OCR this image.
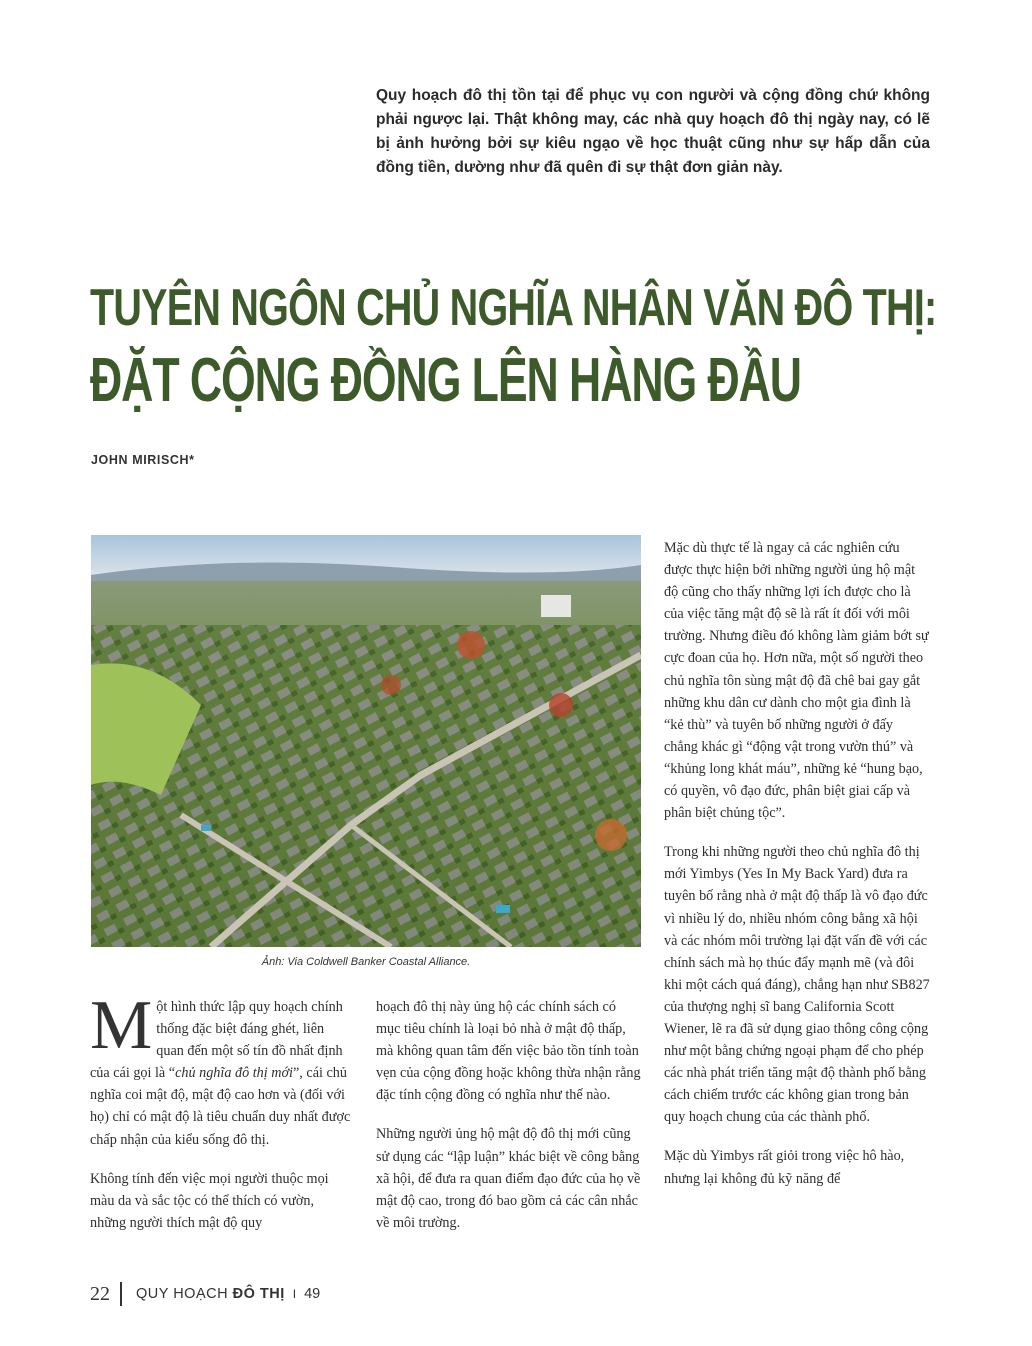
Quy hoạch đô thị tồn tại để phục vụ con người và cộng đồng chứ không phải ngược lại. Thật không may, các nhà quy hoạch đô thị ngày nay, có lẽ bị ảnh hưởng bởi sự kiêu ngạo về học thuật cũng như sự hấp dẫn của đồng tiền, dường như đã quên đi sự thật đơn giản này.

TUYÊN NGÔN CHỦ NGHĨA NHÂN VĂN ĐÔ THỊ:
ĐẶT CỘNG ĐỒNG LÊN HÀNG ĐẦU

JOHN MIRISCH*

Ảnh: Via Coldwell Banker Coastal Alliance.

Một hình thức lập quy hoạch chính thống đặc biệt đáng ghét, liên quan đến một số tín đồ nhất định của cái gọi là “chủ nghĩa đô thị mới”, cái chủ nghĩa coi mật độ, mật độ cao hơn và (đối với họ) chỉ có mật độ là tiêu chuẩn duy nhất được chấp nhận của kiểu sống đô thị.

Không tính đến việc mọi người thuộc mọi màu da và sắc tộc có thể thích có vườn, những người thích mật độ quy

hoạch đô thị này ủng hộ các chính sách có mục tiêu chính là loại bỏ nhà ở mật độ thấp, mà không quan tâm đến việc bảo tồn tính toàn vẹn của cộng đồng hoặc không thừa nhận rằng đặc tính cộng đồng có nghĩa như thế nào.

Những người ủng hộ mật độ đô thị mới cũng sử dụng các “lập luận” khác biệt về công bằng xã hội, để đưa ra quan điểm đạo đức của họ về mật độ cao, trong đó bao gồm cả các cân nhắc về môi trường.

Mặc dù thực tế là ngay cả các nghiên cứu được thực hiện bởi những người ủng hộ mật độ cũng cho thấy những lợi ích được cho là của việc tăng mật độ sẽ là rất ít đối với môi trường. Nhưng điều đó không làm giảm bớt sự cực đoan của họ. Hơn nữa, một số người theo chủ nghĩa tôn sùng mật độ đã chê bai gay gắt những khu dân cư dành cho một gia đình là “kẻ thù” và tuyên bố những người ở đấy chẳng khác gì “động vật trong vườn thú” và “khủng long khát máu”, những kẻ “hung bạo, có quyền, vô đạo đức, phân biệt giai cấp và phân biệt chủng tộc”.

Trong khi những người theo chủ nghĩa đô thị mới Yimbys (Yes In My Back Yard) đưa ra tuyên bố rằng nhà ở mật độ thấp là vô đạo đức vì nhiều lý do, nhiều nhóm công bằng xã hội và các nhóm môi trường lại đặt vấn đề với các chính sách mà họ thúc đẩy mạnh mẽ (và đôi khi một cách quá đáng), chẳng hạn như SB827 của thượng nghị sĩ bang California Scott Wiener, lẽ ra đã sử dụng giao thông công cộng như một bằng chứng ngoại phạm để cho phép các nhà phát triển tăng mật độ thành phố bằng cách chiếm trước các không gian trong bản quy hoạch chung của các thành phố.

Mặc dù Yimbys rất giỏi trong việc hô hào, nhưng lại không đủ kỹ năng để

22 QUY HOẠCH ĐÔ THỊ I 49
